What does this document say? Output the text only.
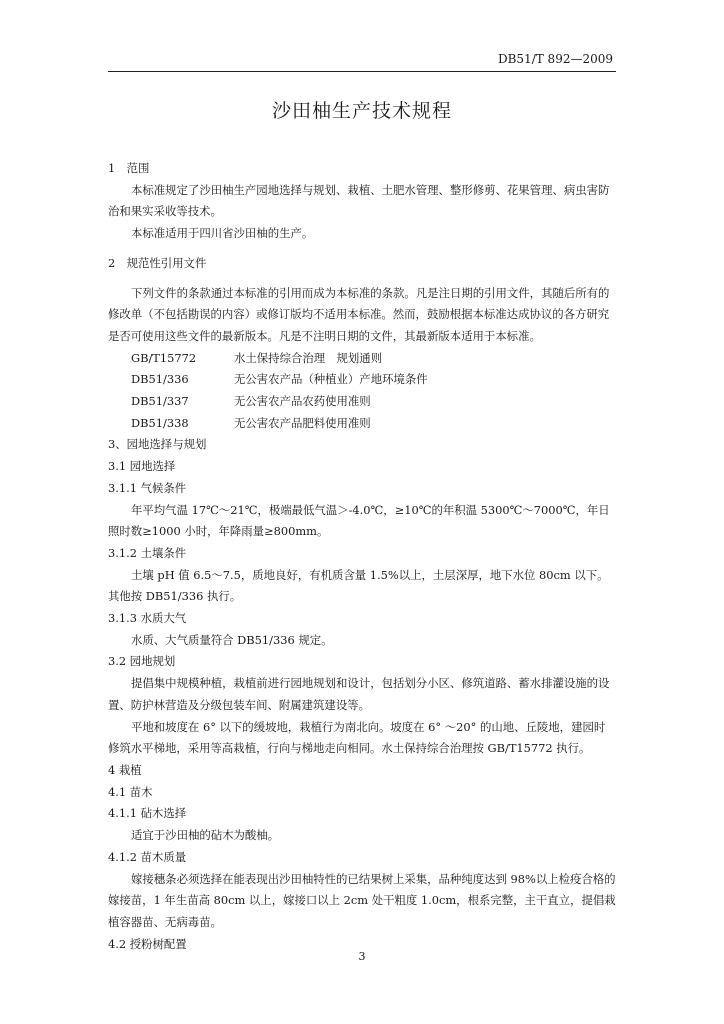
DB51/T 892—2009
沙田柚生产技术规程

1　范围

本标准规定了沙田柚生产园地选择与规划、栽植、土肥水管理、整形修剪、花果管理、病虫害防治和果实采收等技术。

本标准适用于四川省沙田柚的生产。

2　规范性引用文件

下列文件的条款通过本标准的引用而成为本标准的条款。凡是注日期的引用文件，其随后所有的修改单（不包括勘误的内容）或修订版均不适用本标准。然而，鼓励根据本标准达成协议的各方研究是否可使用这些文件的最新版本。凡是不注明日期的文件，其最新版本适用于本标准。

GB/T15772	水土保持综合治理　规划通则
DB51/336	无公害农产品（种植业）产地环境条件
DB51/337	无公害农产品农药使用准则
DB51/338	无公害农产品肥料使用准则

3、园地选择与规划

3.1 园地选择

3.1.1 气候条件

年平均气温 17℃～21℃，极端最低气温＞-4.0℃，≥10℃的年积温 5300℃～7000℃，年日照时数≥1000 小时，年降雨量≥800mm。

3.1.2 土壤条件

土壤 pH 值 6.5～7.5，质地良好，有机质含量 1.5%以上，土层深厚，地下水位 80cm 以下。

其他按 DB51/336 执行。

3.1.3 水质大气

水质、大气质量符合 DB51/336 规定。

3.2 园地规划

提倡集中规模种植，栽植前进行园地规划和设计，包括划分小区、修筑道路、蓄水排灌设施的设置、防护林营造及分级包装车间、附属建筑建设等。

平地和坡度在 6° 以下的缓坡地，栽植行为南北向。坡度在 6° ～20° 的山地、丘陵地，建园时修筑水平梯地，采用等高栽植，行向与梯地走向相同。水土保持综合治理按 GB/T15772 执行。

4 栽植

4.1 苗木

4.1.1 砧木选择

适宜于沙田柚的砧木为酸柚。

4.1.2 苗木质量

嫁接穗条必须选择在能表现出沙田柚特性的已结果树上采集，品种纯度达到 98%以上检疫合格的嫁接苗，1 年生苗高 80cm 以上，嫁接口以上 2cm 处干粗度 1.0cm，根系完整，主干直立，提倡栽植容器苗、无病毒苗。

4.2 授粉树配置

3
